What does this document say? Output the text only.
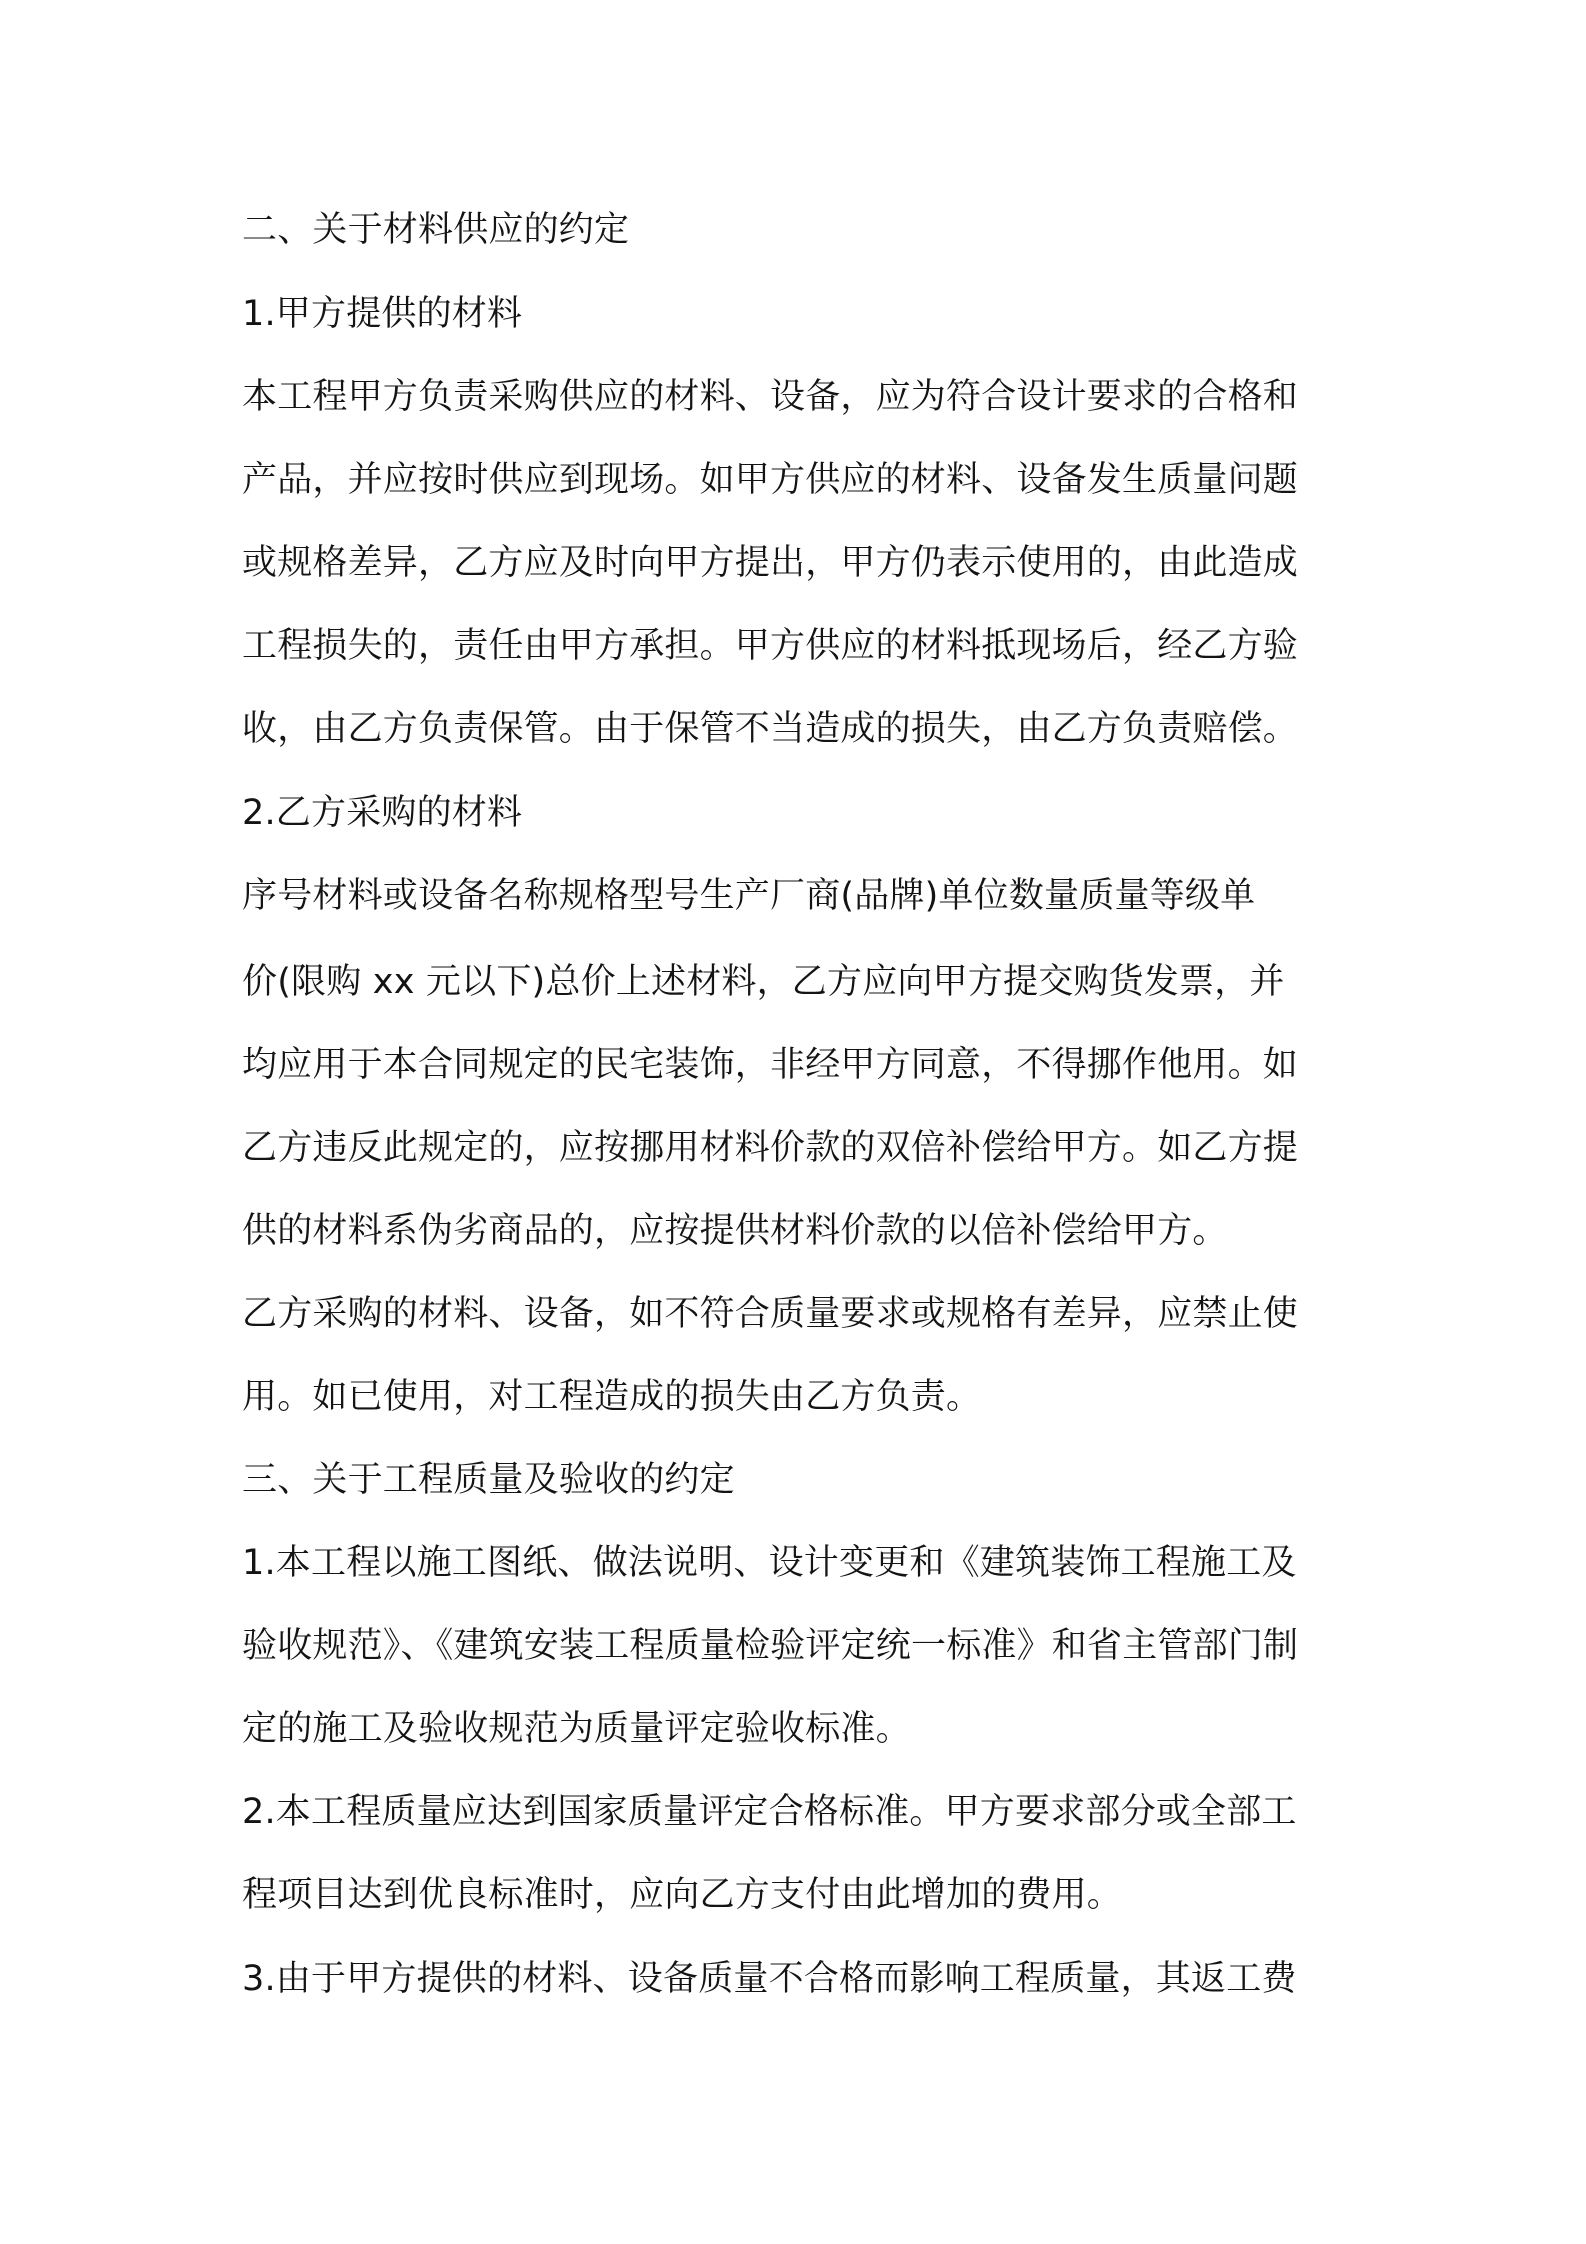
二、关于材料供应的约定
1.甲方提供的材料
本工程甲方负责采购供应的材料、设备，应为符合设计要求的合格和
产品，并应按时供应到现场。如甲方供应的材料、设备发生质量问题
或规格差异，乙方应及时向甲方提出，甲方仍表示使用的，由此造成
工程损失的，责任由甲方承担。甲方供应的材料抵现场后，经乙方验
收，由乙方负责保管。由于保管不当造成的损失，由乙方负责赔偿。
2.乙方采购的材料
序号材料或设备名称规格型号生产厂商(品牌)单位数量质量等级单
价(限购 xx 元以下)总价上述材料，乙方应向甲方提交购货发票，并
均应用于本合同规定的民宅装饰，非经甲方同意，不得挪作他用。如
乙方违反此规定的，应按挪用材料价款的双倍补偿给甲方。如乙方提
供的材料系伪劣商品的，应按提供材料价款的以倍补偿给甲方。
乙方采购的材料、设备，如不符合质量要求或规格有差异，应禁止使
用。如已使用，对工程造成的损失由乙方负责。
三、关于工程质量及验收的约定
1.本工程以施工图纸、做法说明、设计变更和《建筑装饰工程施工及
验收规范》、《建筑安装工程质量检验评定统一标准》和省主管部门制
定的施工及验收规范为质量评定验收标准。
2.本工程质量应达到国家质量评定合格标准。甲方要求部分或全部工
程项目达到优良标准时，应向乙方支付由此增加的费用。
3.由于甲方提供的材料、设备质量不合格而影响工程质量，其返工费
